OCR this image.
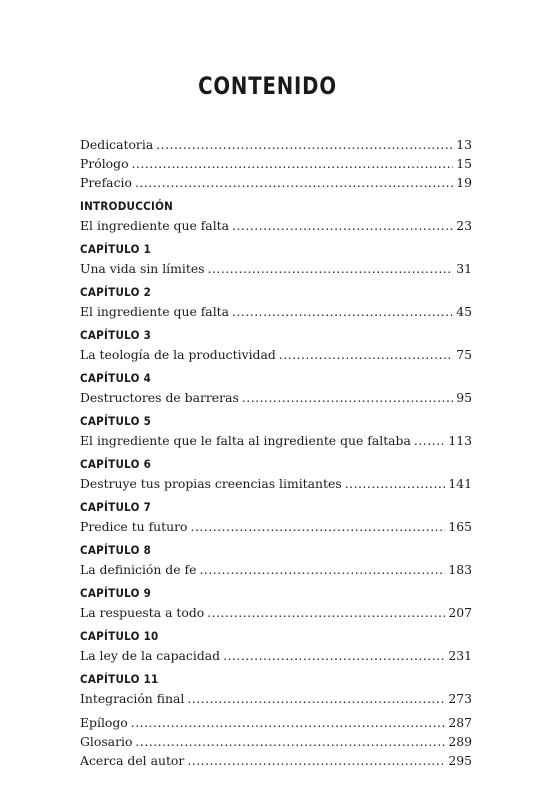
CONTENIDO
Dedicatoria .....	13
Prólogo .....	15
Prefacio .....	19
INTRODUCCIÓN
El ingrediente que falta .....	23
CAPÍTULO 1
Una vida sin límites .....	31
CAPÍTULO 2
El ingrediente que falta .....	45
CAPÍTULO 3
La teología de la productividad .....	75
CAPÍTULO 4
Destructores de barreras .....	95
CAPÍTULO 5
El ingrediente que le falta al ingrediente que faltaba .....	113
CAPÍTULO 6
Destruye tus propias creencias limitantes .....	141
CAPÍTULO 7
Predice tu futuro .....	165
CAPÍTULO 8
La definición de fe .....	183
CAPÍTULO 9
La respuesta a todo .....	207
CAPÍTULO 10
La ley de la capacidad .....	231
CAPÍTULO 11
Integración final .....	273
Epílogo .....	287
Glosario .....	289
Acerca del autor .....	295
